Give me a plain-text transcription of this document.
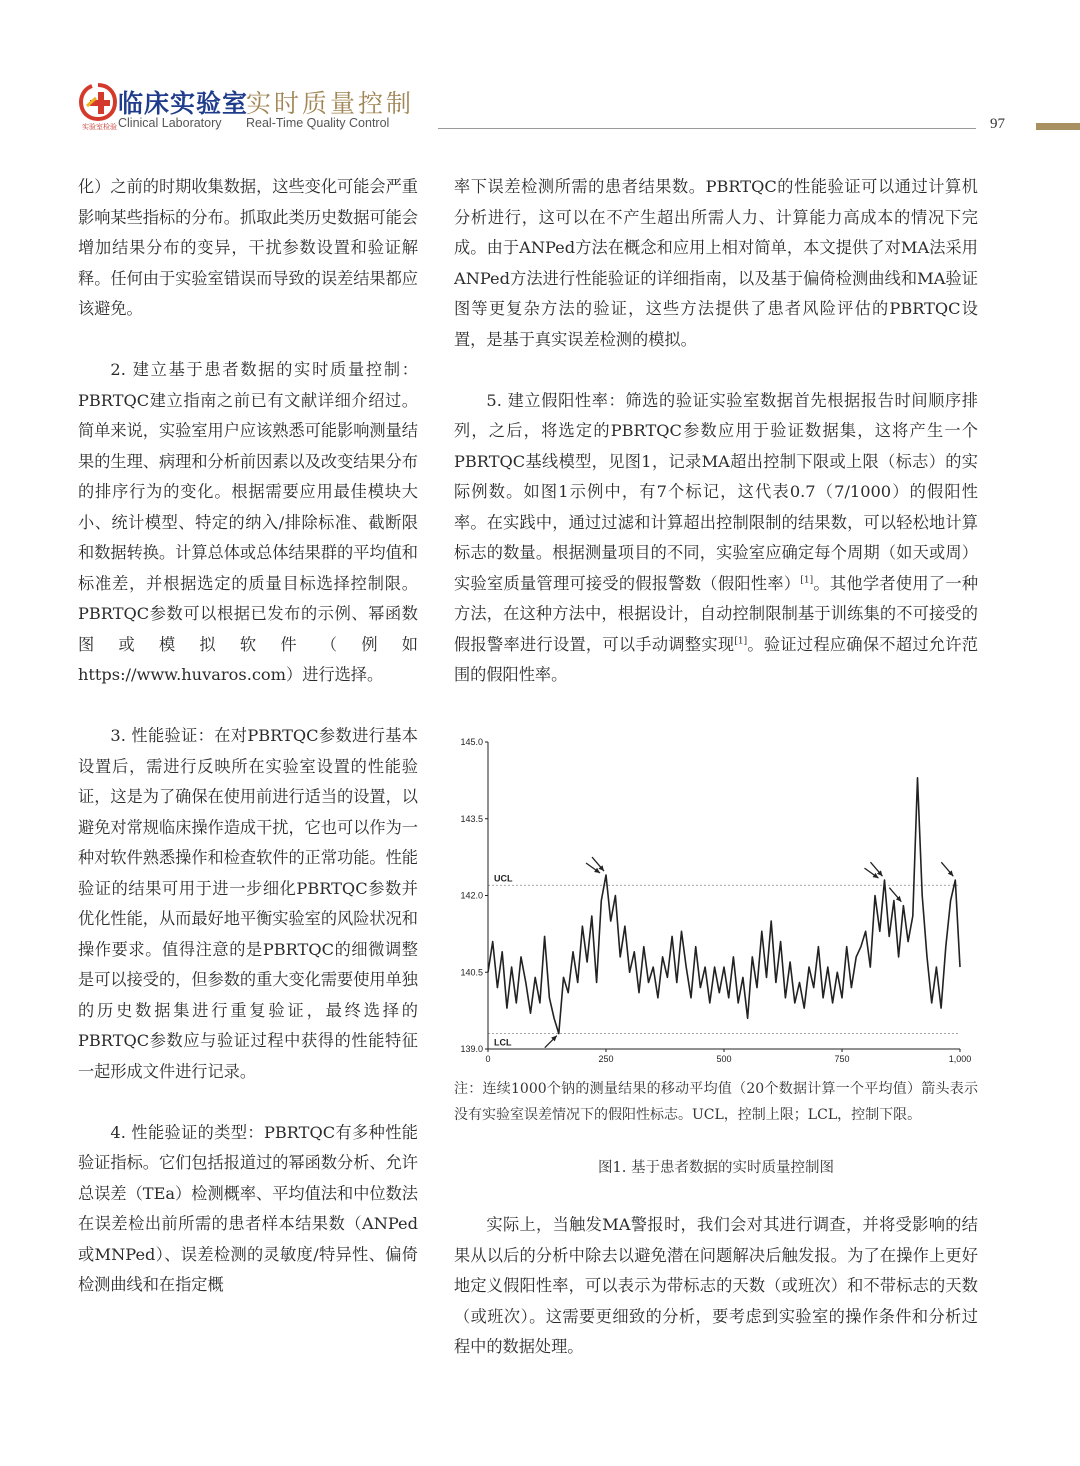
临床实验室
实时质量控制
Clinical Laboratory Real-Time Quality Control
实验室检验	97

化）之前的时期收集数据，这些变化可能会严重影响某些指标的分布。抓取此类历史数据可能会增加结果分布的变异，干扰参数设置和验证解释。任何由于实验室错误而导致的误差结果都应该避免。

2. 建立基于患者数据的实时质量控制：PBRTQC建立指南之前已有文献详细介绍过。简单来说，实验室用户应该熟悉可能影响测量结果的生理、病理和分析前因素以及改变结果分布的排序行为的变化。根据需要应用最佳模块大小、统计模型、特定的纳入/排除标准、截断限和数据转换。计算总体或总体结果群的平均值和标准差，并根据选定的质量目标选择控制限。PBRTQC参数可以根据已发布的示例、幂函数图或模拟软件（例如https://www.huvaros.com）进行选择。

3. 性能验证：在对PBRTQC参数进行基本设置后，需进行反映所在实验室设置的性能验证，这是为了确保在使用前进行适当的设置，以避免对常规临床操作造成干扰，它也可以作为一种对软件熟悉操作和检查软件的正常功能。性能验证的结果可用于进一步细化PBRTQC参数并优化性能，从而最好地平衡实验室的风险状况和操作要求。值得注意的是PBRTQC的细微调整是可以接受的，但参数的重大变化需要使用单独的历史数据集进行重复验证，最终选择的PBRTQC参数应与验证过程中获得的性能特征一起形成文件进行记录。

4. 性能验证的类型：PBRTQC有多种性能验证指标。它们包括报道过的幂函数分析、允许总误差（TEa）检测概率、平均值法和中位数法在误差检出前所需的患者样本结果数（ANPed或MNPed）、误差检测的灵敏度/特异性、偏倚检测曲线和在指定概

率下误差检测所需的患者结果数。PBRTQC的性能验证可以通过计算机分析进行，这可以在不产生超出所需人力、计算能力高成本的情况下完成。由于ANPed方法在概念和应用上相对简单，本文提供了对MA法采用ANPed方法进行性能验证的详细指南，以及基于偏倚检测曲线和MA验证图等更复杂方法的验证，这些方法提供了患者风险评估的PBRTQC设置，是基于真实误差检测的模拟。

5. 建立假阳性率：筛选的验证实验室数据首先根据报告时间顺序排列，之后，将选定的PBRTQC参数应用于验证数据集，这将产生一个PBRTQC基线模型，见图1，记录MA超出控制下限或上限（标志）的实际例数。如图1示例中，有7个标记，这代表0.7（7/1000）的假阳性率。在实践中，通过过滤和计算超出控制限制的结果数，可以轻松地计算标志的数量。根据测量项目的不同，实验室应确定每个周期（如天或周）实验室质量管理可接受的假报警数（假阳性率）[1]。其他学者使用了一种方法，在这种方法中，根据设计，自动控制限制基于训练集的不可接受的假报警率进行设置，可以手动调整实现[1]。验证过程应确保不超过允许范围的假阳性率。

145.0
143.5
142.0
140.5
139.0
0	250	500	750	1,000
UCL
LCL
注：连续1000个钠的测量结果的移动平均值（20个数据计算一个平均值）箭头表示没有实验室误差情况下的假阳性标志。UCL，控制上限；LCL，控制下限。
图1. 基于患者数据的实时质量控制图

实际上，当触发MA警报时，我们会对其进行调查，并将受影响的结果从以后的分析中除去以避免潜在问题解决后触发报。为了在操作上更好地定义假阳性率，可以表示为带标志的天数（或班次）和不带标志的天数（或班次）。这需要更细致的分析，要考虑到实验室的操作条件和分析过程中的数据处理。
